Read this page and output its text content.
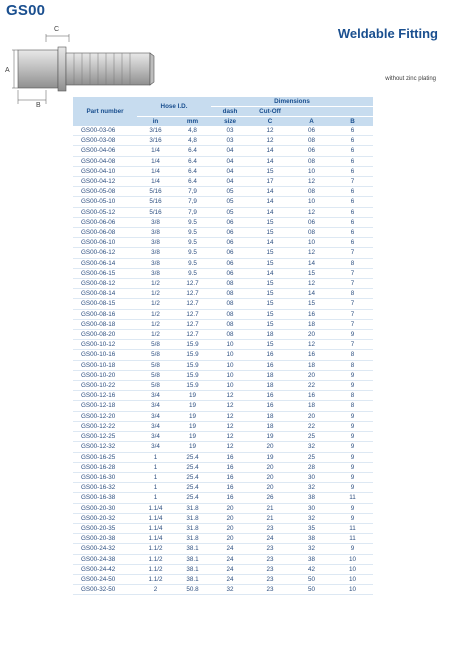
GS00
Weldable Fitting
without zinc plating
C
A
B
Part number	Hose I.D.		Dimensions			
			dash	Cut-Off		
	in	mm	size	C	A	B
GS00-03-06	3/16	4,8	03	12	06	6
GS00-03-08	3/16	4,8	03	12	08	6
GS00-04-06	1/4	6.4	04	14	06	6
GS00-04-08	1/4	6.4	04	14	08	6
GS00-04-10	1/4	6.4	04	15	10	6
GS00-04-12	1/4	6.4	04	17	12	7
GS00-05-08	5/16	7,9	05	14	08	6
GS00-05-10	5/16	7,9	05	14	10	6
GS00-05-12	5/16	7,9	05	14	12	6
GS00-06-06	3/8	9.5	06	15	06	6
GS00-06-08	3/8	9.5	06	15	08	6
GS00-06-10	3/8	9.5	06	14	10	6
GS00-06-12	3/8	9.5	06	15	12	7
GS00-06-14	3/8	9.5	06	15	14	8
GS00-06-15	3/8	9.5	06	14	15	7
GS00-08-12	1/2	12.7	08	15	12	7
GS00-08-14	1/2	12.7	08	15	14	8
GS00-08-15	1/2	12.7	08	15	15	7
GS00-08-16	1/2	12.7	08	15	16	7
GS00-08-18	1/2	12.7	08	15	18	7
GS00-08-20	1/2	12.7	08	18	20	9
GS00-10-12	5/8	15.9	10	15	12	7
GS00-10-16	5/8	15.9	10	16	16	8
GS00-10-18	5/8	15.9	10	16	18	8
GS00-10-20	5/8	15.9	10	18	20	9
GS00-10-22	5/8	15.9	10	18	22	9
GS00-12-16	3/4	19	12	16	16	8
GS00-12-18	3/4	19	12	16	18	8
GS00-12-20	3/4	19	12	18	20	9
GS00-12-22	3/4	19	12	18	22	9
GS00-12-25	3/4	19	12	19	25	9
GS00-12-32	3/4	19	12	20	32	9
GS00-16-25	1	25.4	16	19	25	9
GS00-16-28	1	25.4	16	20	28	9
GS00-16-30	1	25.4	16	20	30	9
GS00-16-32	1	25.4	16	20	32	9
GS00-16-38	1	25.4	16	26	38	11
GS00-20-30	1.1/4	31.8	20	21	30	9
GS00-20-32	1.1/4	31.8	20	21	32	9
GS00-20-35	1.1/4	31.8	20	23	35	11
GS00-20-38	1.1/4	31.8	20	24	38	11
GS00-24-32	1.1/2	38.1	24	23	32	9
GS00-24-38	1.1/2	38.1	24	23	38	10
GS00-24-42	1.1/2	38.1	24	23	42	10
GS00-24-50	1.1/2	38.1	24	23	50	10
GS00-32-50	2	50.8	32	23	50	10
